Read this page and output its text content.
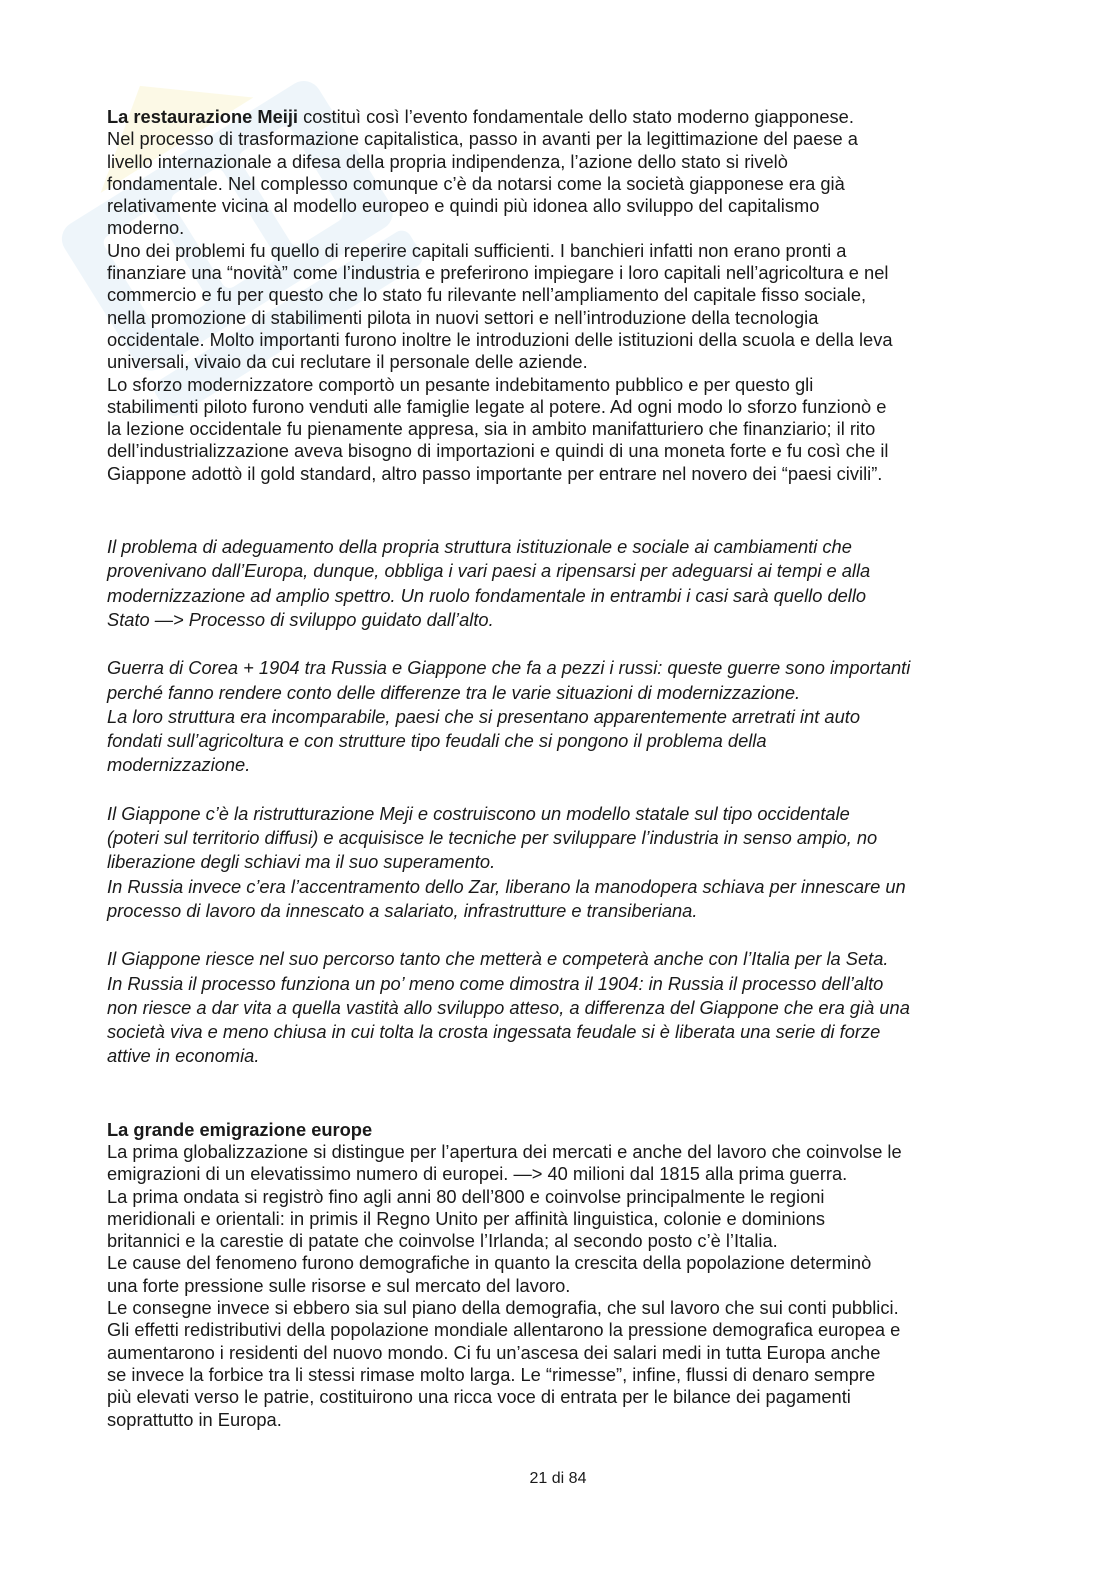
La restaurazione Meiji costituì così l’evento fondamentale dello stato moderno giapponese.

Nel processo di trasformazione capitalistica, passo in avanti per la legittimazione del paese a

livello internazionale a difesa della propria indipendenza, l’azione dello stato si rivelò

fondamentale. Nel complesso comunque c’è da notarsi come la società giapponese era già

relativamente vicina al modello europeo e quindi più idonea allo sviluppo del capitalismo

moderno.

Uno dei problemi fu quello di reperire capitali sufficienti. I banchieri infatti non erano pronti a

finanziare una “novità” come l’industria e preferirono impiegare i loro capitali nell’agricoltura e nel

commercio e fu per questo che lo stato fu rilevante nell’ampliamento del capitale fisso sociale,

nella promozione di stabilimenti pilota in nuovi settori e nell’introduzione della tecnologia

occidentale. Molto importanti furono inoltre le introduzioni delle istituzioni della scuola e della leva

universali, vivaio da cui reclutare il personale delle aziende.

Lo sforzo modernizzatore comportò un pesante indebitamento pubblico e per questo gli

stabilimenti piloto furono venduti alle famiglie legate al potere. Ad ogni modo lo sforzo funzionò e

la lezione occidentale fu pienamente appresa, sia in ambito manifatturiero che finanziario; il rito

dell’industrializzazione aveva bisogno di importazioni e quindi di una moneta forte e fu così che il

Giappone adottò il gold standard, altro passo importante per entrare nel novero dei “paesi civili”.

Il problema di adeguamento della propria struttura istituzionale e sociale ai cambiamenti che

provenivano dall’Europa, dunque, obbliga i vari paesi a ripensarsi per adeguarsi ai tempi e alla

modernizzazione ad amplio spettro. Un ruolo fondamentale in entrambi i casi sarà quello dello

Stato —> Processo di sviluppo guidato dall’alto.

Guerra di Corea + 1904 tra Russia e Giappone che fa a pezzi i russi: queste guerre sono importanti

perché fanno rendere conto delle differenze tra le varie situazioni di modernizzazione.

La loro struttura era incomparabile, paesi che si presentano apparentemente arretrati int auto

fondati sull’agricoltura e con strutture tipo feudali che si pongono il problema della

modernizzazione.

Il Giappone c’è la ristrutturazione Meji e costruiscono un modello statale sul tipo occidentale

(poteri sul territorio diffusi) e acquisisce le tecniche per sviluppare l’industria in senso ampio, no

liberazione degli schiavi ma il suo superamento.

In Russia invece c’era l’accentramento dello Zar, liberano la manodopera schiava per innescare un

processo di lavoro da innescato a salariato, infrastrutture e transiberiana.

Il Giappone riesce nel suo percorso tanto che metterà e competerà anche con l’Italia per la Seta.

In Russia il processo funziona un po’ meno come dimostra il 1904: in Russia il processo dell’alto

non riesce a dar vita a quella vastità allo sviluppo atteso, a differenza del Giappone che era già una

società viva e meno chiusa in cui tolta la crosta ingessata feudale si è liberata una serie di forze

attive in economia.

La grande emigrazione europe

La prima globalizzazione si distingue per l’apertura dei mercati e anche del lavoro che coinvolse le

emigrazioni di un elevatissimo numero di europei. —> 40 milioni dal 1815 alla prima guerra.

La prima ondata si registrò fino agli anni 80 dell’800 e coinvolse principalmente le regioni

meridionali e orientali: in primis il Regno Unito per affinità linguistica, colonie e dominions

britannici e la carestie di patate che coinvolse l’Irlanda; al secondo posto c’è l’Italia.

Le cause del fenomeno furono demografiche in quanto la crescita della popolazione determinò

una forte pressione sulle risorse e sul mercato del lavoro.

Le consegne invece si ebbero sia sul piano della demografia, che sul lavoro che sui conti pubblici.

Gli effetti redistributivi della popolazione mondiale allentarono la pressione demografica europea e

aumentarono i residenti del nuovo mondo. Ci fu un’ascesa dei salari medi in tutta Europa anche

se invece la forbice tra li stessi rimase molto larga. Le “rimesse”, infine, flussi di denaro sempre

più elevati verso le patrie, costituirono una ricca voce di entrata per le bilance dei pagamenti

soprattutto in Europa.

21 di 84
